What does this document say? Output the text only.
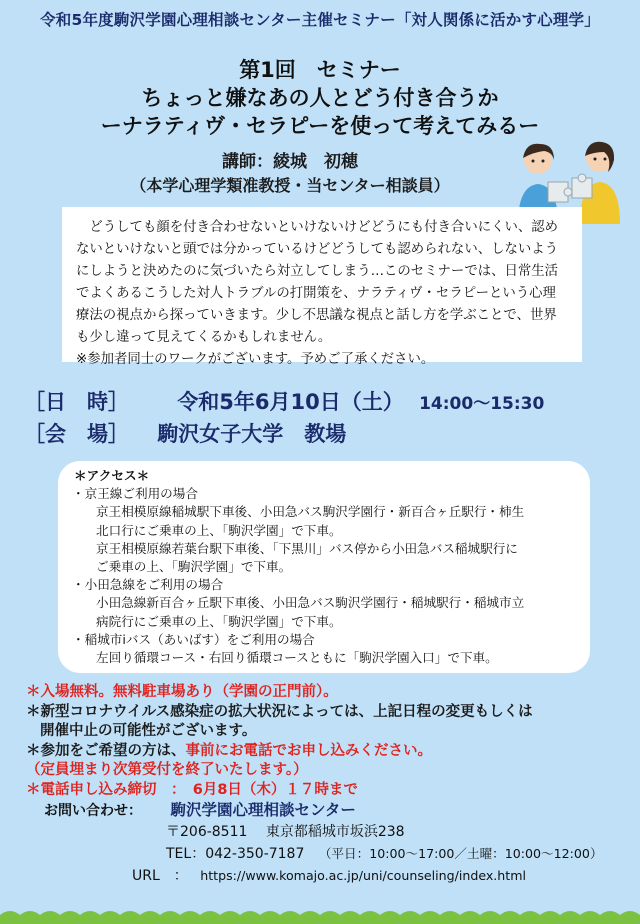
令和5年度駒沢学園心理相談センター主催セミナー「対人関係に活かす心理学」
第1回　セミナー
ちょっと嫌なあの人とどう付き合うか
ーナラティヴ・セラピーを使って考えてみるー
講師：綾城　初穂
（本学心理学類准教授・当センター相談員）

どうしても顔を付き合わせないといけないけどどうにも付き合いにくい、認めないといけないと頭では分かっているけどどうしても認められない、しないようにしようと決めたのに気づいたら対立してしまう…このセミナーでは、日常生活でよくあるこうした対人トラブルの打開策を、ナラティヴ・セラピーという心理療法の視点から探っていきます。少し不思議な視点と話し方を学ぶことで、世界も少し違って見えてくるかもしれません。

※参加者同士のワークがございます。予めご了承ください。

［日　時］ 令和5年6月10日（土） 14:00〜15:30
［会　場］ 駒沢女子大学　教場
＊アクセス＊
・京王線ご利用の場合
京王相模原線稲城駅下車後、小田急バス駒沢学園行・新百合ヶ丘駅行・柿生
北口行にご乗車の上、「駒沢学園」で下車。
京王相模原線若葉台駅下車後、「下黒川」バス停から小田急バス稲城駅行に
ご乗車の上、「駒沢学園」で下車。
・小田急線をご利用の場合
小田急線新百合ヶ丘駅下車後、小田急バス駒沢学園行・稲城駅行・稲城市立
病院行にご乗車の上、「駒沢学園」で下車。
・稲城市iバス（あいばす）をご利用の場合
左回り循環コース・右回り循環コースともに「駒沢学園入口」で下車。
＊入場無料。無料駐車場あり（学園の正門前）。
＊新型コロナウイルス感染症の拡大状況によっては、上記日程の変更もしくは
開催中止の可能性がございます。
＊参加をご希望の方は、事前にお電話でお申し込みください。
（定員埋まり次第受付を終了いたします。）
＊電話申し込み締切　：　6月8日（木）１７時まで
お問い合わせ： 駒沢学園心理相談センター
〒206-8511 東京都稲城市坂浜238
TEL：042-350-7187 （平日：10:00〜17:00／土曜：10:00〜12:00）
URL　： https://www.komajo.ac.jp/uni/counseling/index.html
